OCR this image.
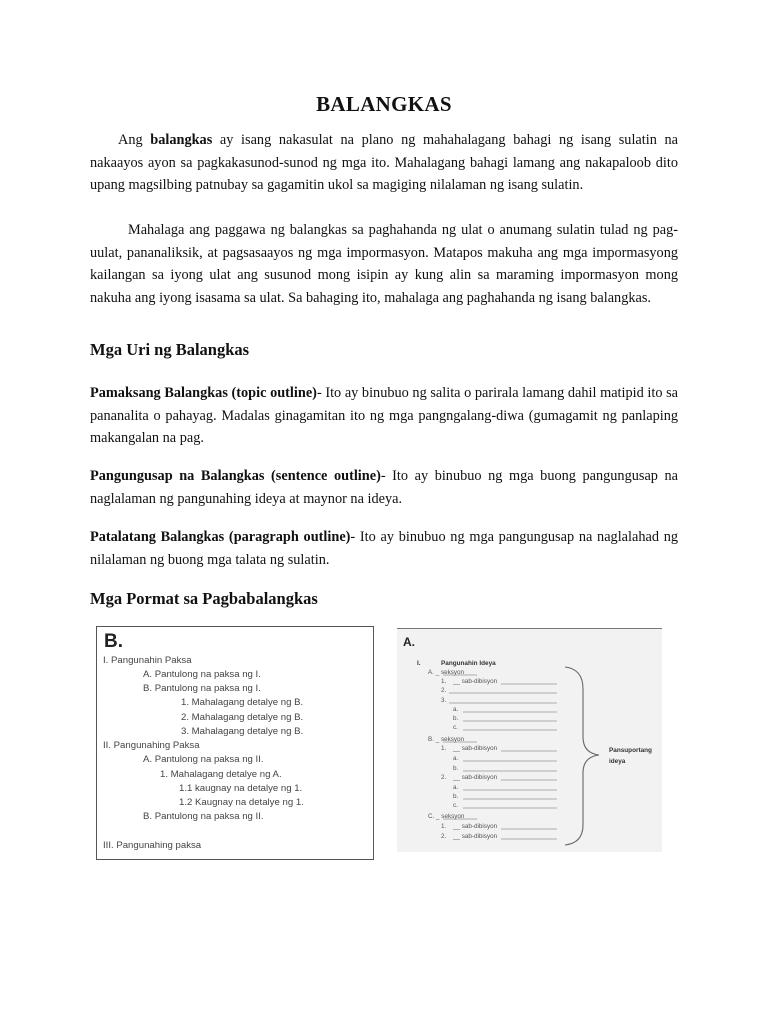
BALANGKAS

Ang balangkas ay isang nakasulat na plano ng mahahalagang bahagi ng isang sulatin na nakaayos ayon sa pagkakasunod-sunod ng mga ito. Mahalagang bahagi lamang ang nakapaloob dito upang magsilbing patnubay sa gagamitin ukol sa magiging nilalaman ng isang sulatin.

Mahalaga ang paggawa ng balangkas sa paghahanda ng ulat o anumang sulatin tulad ng pag-uulat, pananaliksik, at pagsasaayos ng mga impormasyon. Matapos makuha ang mga impormasyong kailangan sa iyong ulat ang susunod mong isipin ay kung alin sa maraming impormasyon mong nakuha ang iyong isasama sa ulat. Sa bahaging ito, mahalaga ang paghahanda ng isang balangkas.

Mga Uri ng Balangkas

Pamaksang Balangkas (topic outline)- Ito ay binubuo ng salita o parirala lamang dahil matipid ito sa pananalita o pahayag. Madalas ginagamitan ito ng mga pangngalang-diwa (gumagamit ng panlaping makangalan na pag.

Pangungusap na Balangkas (sentence outline)- Ito ay binubuo ng mga buong pangungusap na naglalaman ng pangunahing ideya at maynor na ideya.

Patalatang Balangkas (paragraph outline)- Ito ay binubuo ng mga pangungusap na naglalahad ng nilalaman ng buong mga talata ng sulatin.

Mga Pormat sa Pagbabalangkas
B.
I. Pangunahin Paksa
A. Pantulong na paksa ng I.
B. Pantulong na paksa ng I.
1. Mahalagang detalye ng B.
2. Mahalagang detalye ng B.
3. Mahalagang detalye ng B.
II. Pangunahing Paksa
A. Pantulong na paksa ng II.
1. Mahalagang detalye ng A.
1.1 kaugnay na detalye ng 1.
1.2 Kaugnay na detalye ng 1.
B. Pantulong na paksa ng II.
III. Pangunahing paksa
A.
I.	Pangunahin Ideya
A. _ seksyon
1. __ sab-dibisyon
2.
3.
a.
b.
c.
B. _ seksyon
1. __ sab-dibisyon
a.
b.
2. __ sab-dibisyon
a.
b.
c.
C. _ seksyon
1. __ sab-dibisyon
2. __ sab-dibisyon
Pansuportang
ideya
